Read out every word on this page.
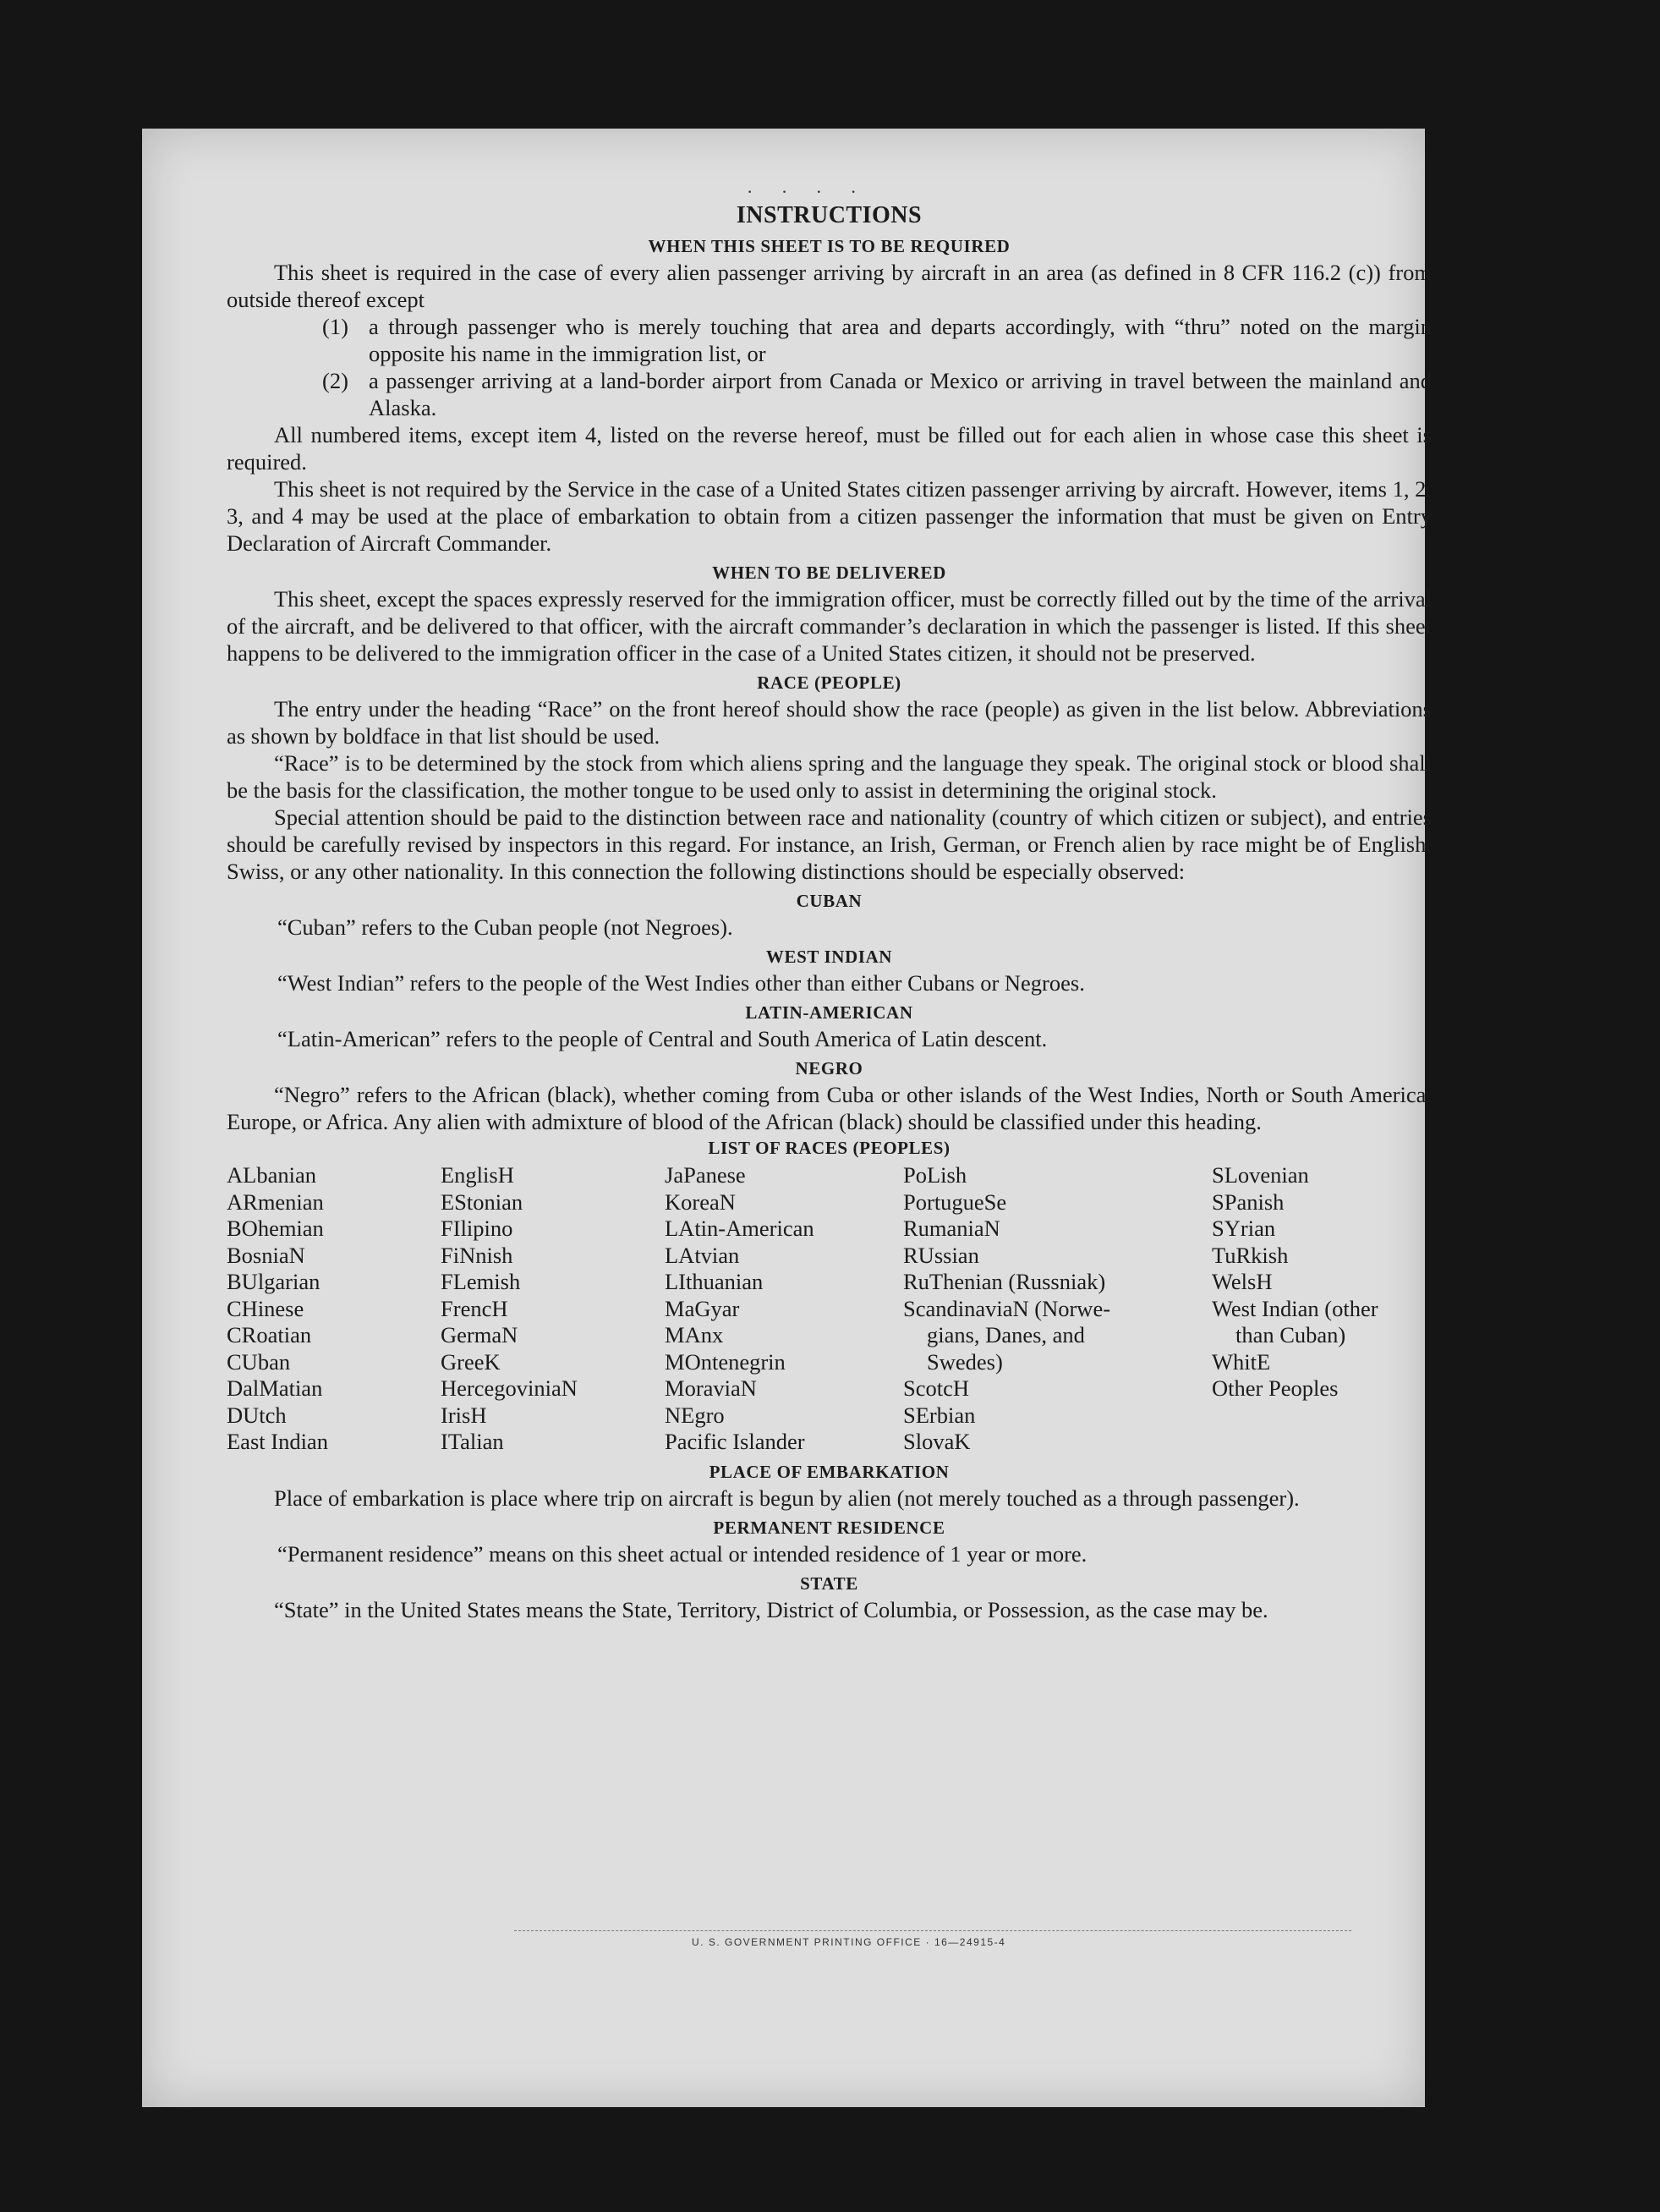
· · · ·
INSTRUCTIONS
WHEN THIS SHEET IS TO BE REQUIRED

This sheet is required in the case of every alien passenger arriving by aircraft in an area (as defined in 8 CFR 116.2 (c)) from outside thereof except

(1) a through passenger who is merely touching that area and departs accordingly, with “thru” noted on the margin opposite his name in the immigration list, or
(2) a passenger arriving at a land-border airport from Canada or Mexico or arriving in travel between the mainland and Alaska.

All numbered items, except item 4, listed on the reverse hereof, must be filled out for each alien in whose case this sheet is required.

This sheet is not required by the Service in the case of a United States citizen passenger arriving by aircraft. However, items 1, 2, 3, and 4 may be used at the place of embarkation to obtain from a citizen passenger the information that must be given on Entry Declaration of Aircraft Commander.

WHEN TO BE DELIVERED

This sheet, except the spaces expressly reserved for the immigration officer, must be correctly filled out by the time of the arrival of the aircraft, and be delivered to that officer, with the aircraft commander’s declaration in which the passenger is listed. If this sheet happens to be delivered to the immigration officer in the case of a United States citizen, it should not be preserved.

RACE (PEOPLE)

The entry under the heading “Race” on the front hereof should show the race (people) as given in the list below. Abbreviations as shown by boldface in that list should be used.

“Race” is to be determined by the stock from which aliens spring and the language they speak. The original stock or blood shall be the basis for the classification, the mother tongue to be used only to assist in determining the original stock.

Special attention should be paid to the distinction between race and nationality (country of which citizen or subject), and entries should be carefully revised by inspectors in this regard. For instance, an Irish, German, or French alien by race might be of English, Swiss, or any other nationality. In this connection the following distinctions should be especially observed:

CUBAN

“Cuban” refers to the Cuban people (not Negroes).

WEST INDIAN

“West Indian” refers to the people of the West Indies other than either Cubans or Negroes.

LATIN-AMERICAN

“Latin-American” refers to the people of Central and South America of Latin descent.

NEGRO

“Negro” refers to the African (black), whether coming from Cuba or other islands of the West Indies, North or South America, Europe, or Africa. Any alien with admixture of blood of the African (black) should be classified under this heading.

LIST OF RACES (PEOPLES)
ALbanian
ARmenian
BOhemian
BosniaN
BUlgarian
CHinese
CRoatian
CUban
DalMatian
DUtch
East Indian
EnglisH
EStonian
FIlipino
FiNnish
FLemish
FrencH
GermaN
GreeK
HercegoviniaN
IrisH
ITalian
JaPanese
KoreaN
LAtin-American
LAtvian
LIthuanian
MaGyar
MAnx
MOntenegrin
MoraviaN
NEgro
Pacific Islander
PoLish
PortugueSe
RumaniaN
RUssian
RuThenian (Russniak)
ScandinaviaN (Norwe-
gians, Danes, and
Swedes)
ScotcH
SErbian
SlovaK
SLovenian
SPanish
SYrian
TuRkish
WelsH
West Indian (other
than Cuban)
WhitE
Other Peoples
PLACE OF EMBARKATION

Place of embarkation is place where trip on aircraft is begun by alien (not merely touched as a through passenger).

PERMANENT RESIDENCE

“Permanent residence” means on this sheet actual or intended residence of 1 year or more.

STATE

“State” in the United States means the State, Territory, District of Columbia, or Possession, as the case may be.

U. S. GOVERNMENT PRINTING OFFICE · 16—24915-4
